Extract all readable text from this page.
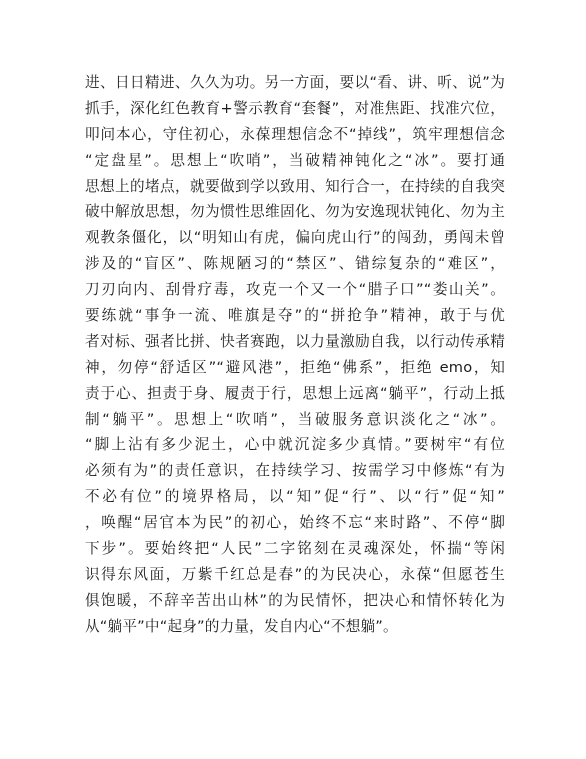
进、日日精进、久久为功。另一方面，要以“看、讲、听、说”为
抓手，深化红色教育+警示教育“套餐”，对准焦距、找准穴位，
叩问本心，守住初心，永葆理想信念不“掉线”，筑牢理想信念
“定盘星”。思想上“吹哨”，当破精神钝化之“冰”。要打通
思想上的堵点，就要做到学以致用、知行合一，在持续的自我突
破中解放思想，勿为惯性思维固化、勿为安逸现状钝化、勿为主
观教条僵化，以“明知山有虎，偏向虎山行”的闯劲，勇闯未曾
涉及的“盲区”、陈规陋习的“禁区”、错综复杂的“难区”，
刀刃向内、刮骨疗毒，攻克一个又一个“腊子口”“娄山关”。
要练就“事争一流、唯旗是夺”的“拼抢争”精神，敢于与优
者对标、强者比拼、快者赛跑，以力量激励自我，以行动传承精
神，勿停“舒适区”“避风港”，拒绝“佛系”，拒绝 emo，知
责于心、担责于身、履责于行，思想上远离“躺平”，行动上抵
制“躺平”。思想上“吹哨”，当破服务意识淡化之“冰”。
“脚上沾有多少泥土，心中就沉淀多少真情。”要树牢“有位
必须有为”的责任意识，在持续学习、按需学习中修炼“有为
不必有位”的境界格局，以“知”促“行”、以“行”促“知”
，唤醒“居官本为民”的初心，始终不忘“来时路”、不停“脚
下步”。要始终把“人民”二字铭刻在灵魂深处，怀揣“等闲
识得东风面，万紫千红总是春”的为民决心，永葆“但愿苍生
俱饱暖，不辞辛苦出山林”的为民情怀，把决心和情怀转化为
从“躺平”中“起身”的力量，发自内心“不想躺”。
